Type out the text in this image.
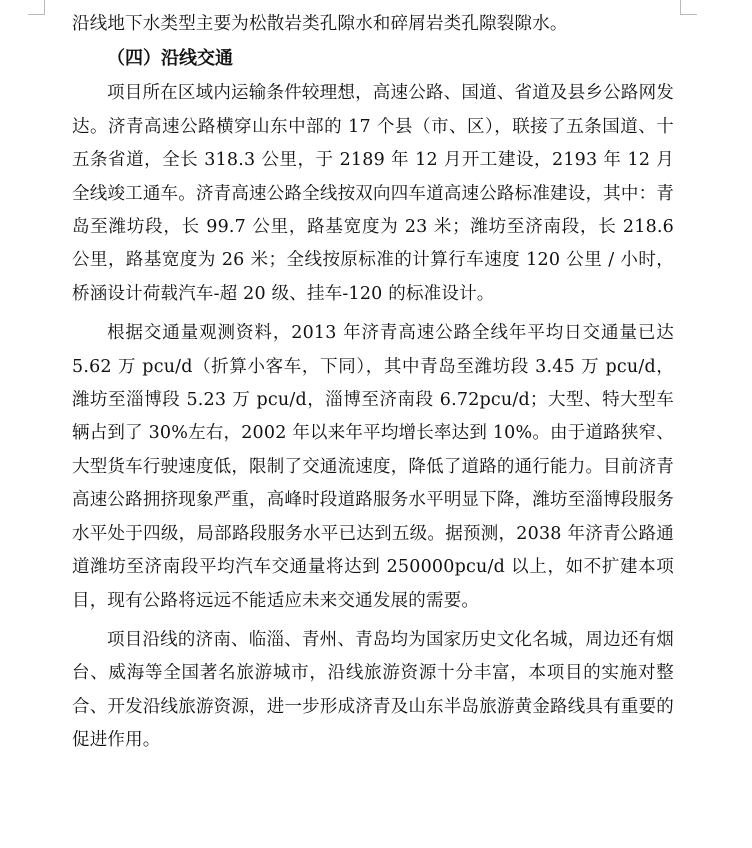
沿线地下水类型主要为松散岩类孔隙水和碎屑岩类孔隙裂隙水。

（四）沿线交通

项目所在区域内运输条件较理想，高速公路、国道、省道及县乡公路网发达。济青高速公路横穿山东中部的 17 个县（市、区），联接了五条国道、十五条省道，全长 318.3 公里，于 2189 年 12 月开工建设，2193 年 12 月全线竣工通车。济青高速公路全线按双向四车道高速公路标准建设，其中：青岛至潍坊段，长 99.7 公里，路基宽度为 23 米；潍坊至济南段，长 218.6 公里，路基宽度为 26 米；全线按原标准的计算行车速度 120 公里 / 小时，桥涵设计荷载汽车-超 20 级、挂车-120 的标准设计。

根据交通量观测资料，2013 年济青高速公路全线年平均日交通量已达 5.62 万 pcu/d（折算小客车，下同），其中青岛至潍坊段 3.45 万 pcu/d，潍坊至淄博段 5.23 万 pcu/d，淄博至济南段 6.72pcu/d；大型、特大型车辆占到了 30%左右，2002 年以来年平均增长率达到 10%。由于道路狭窄、大型货车行驶速度低，限制了交通流速度，降低了道路的通行能力。目前济青高速公路拥挤现象严重，高峰时段道路服务水平明显下降，潍坊至淄博段服务水平处于四级，局部路段服务水平已达到五级。据预测，2038 年济青公路通道潍坊至济南段平均汽车交通量将达到 250000pcu/d 以上，如不扩建本项目，现有公路将远远不能适应未来交通发展的需要。

项目沿线的济南、临淄、青州、青岛均为国家历史文化名城，周边还有烟台、威海等全国著名旅游城市，沿线旅游资源十分丰富，本项目的实施对整合、开发沿线旅游资源，进一步形成济青及山东半岛旅游黄金路线具有重要的促进作用。
